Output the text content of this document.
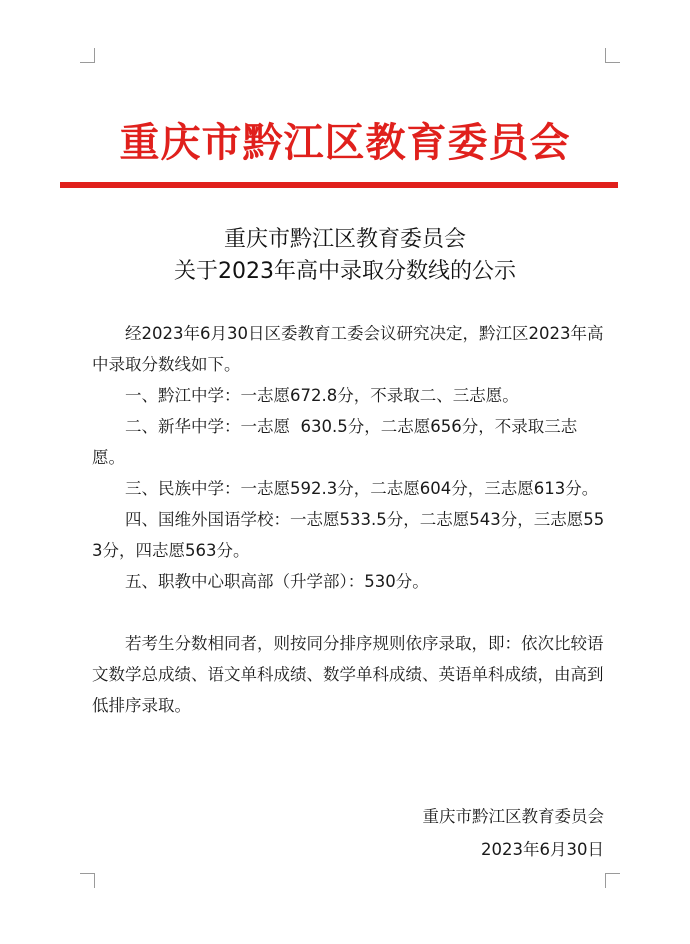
重庆市黔江区教育委员会
重庆市黔江区教育委员会
关于2023年高中录取分数线的公示

经2023年6月30日区委教育工委会议研究决定，黔江区2023年高中录取分数线如下。

一、黔江中学：一志愿672.8分，不录取二、三志愿。

二、新华中学：一志愿  630.5分，二志愿656分，不录取三志愿。

三、民族中学：一志愿592.3分，二志愿604分，三志愿613分。

四、国维外国语学校：一志愿533.5分，二志愿543分，三志愿553分，四志愿563分。

五、职教中心职高部（升学部）：530分。

若考生分数相同者，则按同分排序规则依序录取，即：依次比较语文数学总成绩、语文单科成绩、数学单科成绩、英语单科成绩，由高到低排序录取。

重庆市黔江区教育委员会
2023年6月30日
